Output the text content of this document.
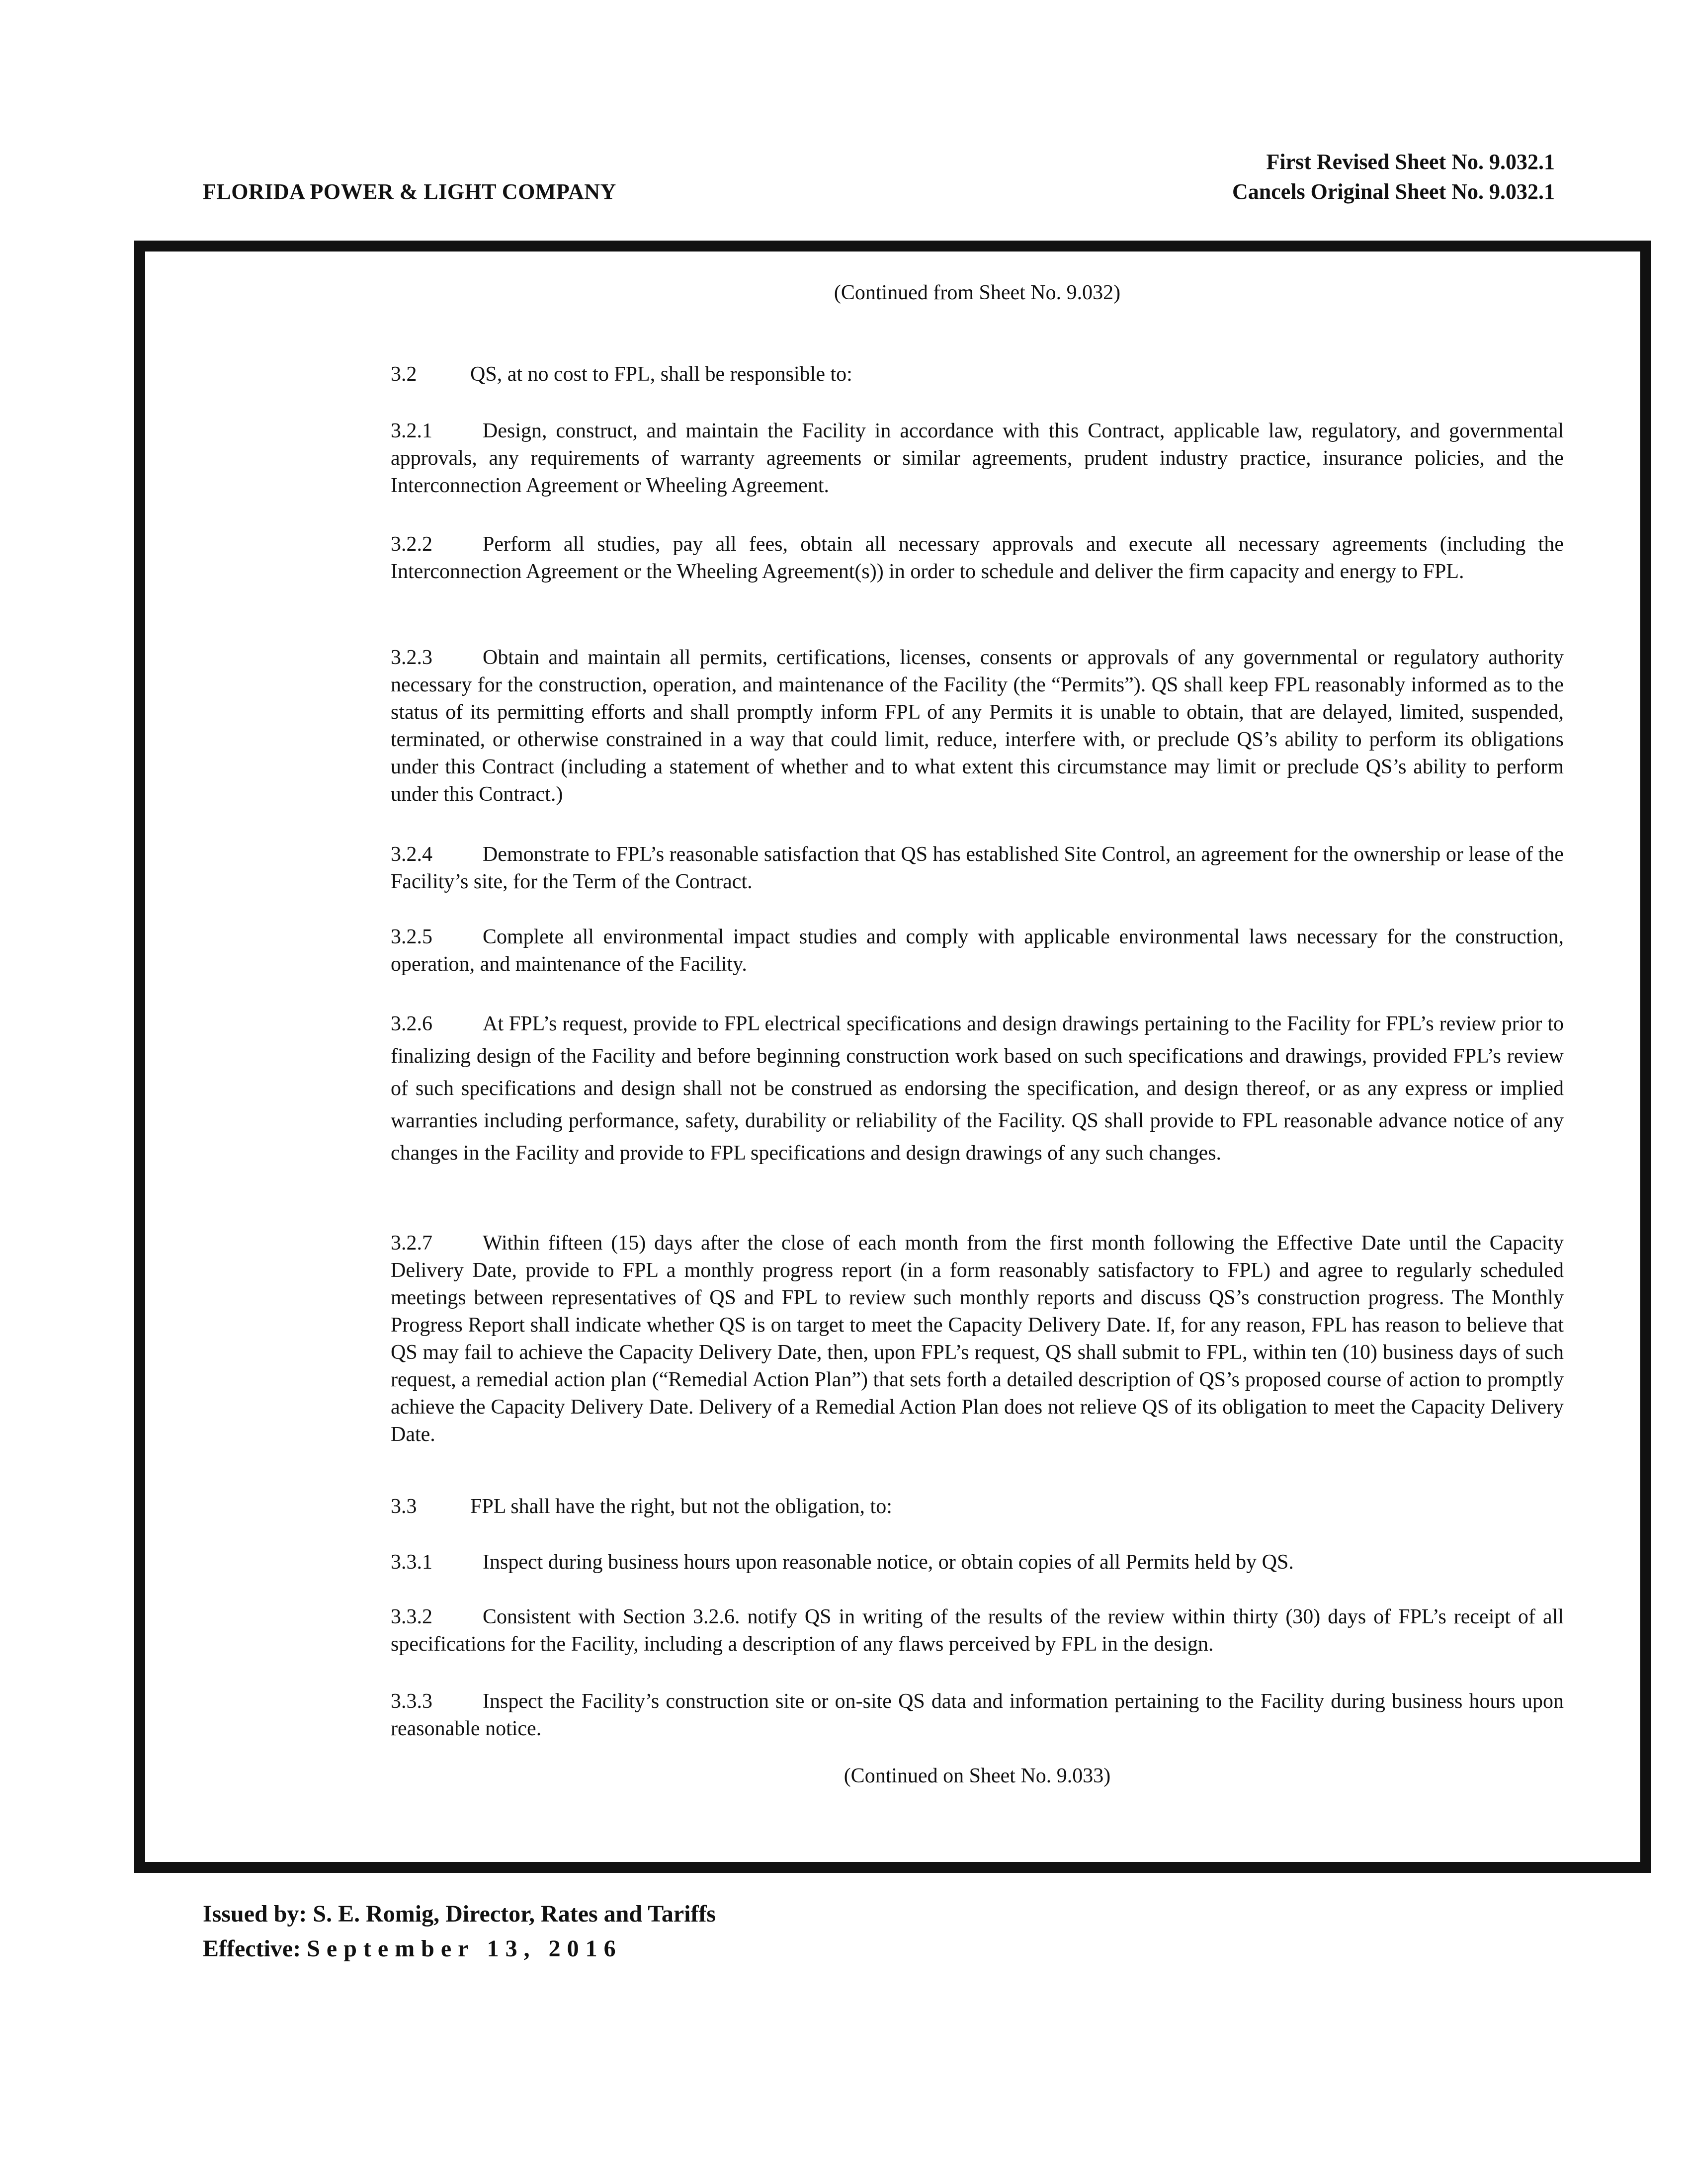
FLORIDA POWER & LIGHT COMPANY
First Revised Sheet No. 9.032.1
Cancels Original Sheet No. 9.032.1
(Continued from Sheet No. 9.032)
3.2	QS, at no cost to FPL, shall be responsible to:
3.2.1 Design, construct, and maintain the Facility in accordance with this Contract, applicable law, regulatory, and governmental approvals, any requirements of warranty agreements or similar agreements, prudent industry practice, insurance policies, and the Interconnection Agreement or Wheeling Agreement.
3.2.2 Perform all studies, pay all fees, obtain all necessary approvals and execute all necessary agreements (including the Interconnection Agreement or the Wheeling Agreement(s)) in order to schedule and deliver the firm capacity and energy to FPL.
3.2.3 Obtain and maintain all permits, certifications, licenses, consents or approvals of any governmental or regulatory authority necessary for the construction, operation, and maintenance of the Facility (the “Permits”). QS shall keep FPL reasonably informed as to the status of its permitting efforts and shall promptly inform FPL of any Permits it is unable to obtain, that are delayed, limited, suspended, terminated, or otherwise constrained in a way that could limit, reduce, interfere with, or preclude QS’s ability to perform its obligations under this Contract (including a statement of whether and to what extent this circumstance may limit or preclude QS’s ability to perform under this Contract.)
3.2.4 Demonstrate to FPL’s reasonable satisfaction that QS has established Site Control, an agreement for the ownership or lease of the Facility’s site, for the Term of the Contract.
3.2.5 Complete all environmental impact studies and comply with applicable environmental laws necessary for the construction, operation, and maintenance of the Facility.
3.2.6 At FPL’s request, provide to FPL electrical specifications and design drawings pertaining to the Facility for FPL’s review prior to finalizing design of the Facility and before beginning construction work based on such specifications and drawings, provided FPL’s review of such specifications and design shall not be construed as endorsing the specification, and design thereof, or as any express or implied warranties including performance, safety, durability or reliability of the Facility. QS shall provide to FPL reasonable advance notice of any changes in the Facility and provide to FPL specifications and design drawings of any such changes.
3.2.7 Within fifteen (15) days after the close of each month from the first month following the Effective Date until the Capacity Delivery Date, provide to FPL a monthly progress report (in a form reasonably satisfactory to FPL) and agree to regularly scheduled meetings between representatives of QS and FPL to review such monthly reports and discuss QS’s construction progress. The Monthly Progress Report shall indicate whether QS is on target to meet the Capacity Delivery Date. If, for any reason, FPL has reason to believe that QS may fail to achieve the Capacity Delivery Date, then, upon FPL’s request, QS shall submit to FPL, within ten (10) business days of such request, a remedial action plan (“Remedial Action Plan”) that sets forth a detailed description of QS’s proposed course of action to promptly achieve the Capacity Delivery Date. Delivery of a Remedial Action Plan does not relieve QS of its obligation to meet the Capacity Delivery Date.
3.3	FPL shall have the right, but not the obligation, to:
3.3.1 Inspect during business hours upon reasonable notice, or obtain copies of all Permits held by QS.
3.3.2 Consistent with Section 3.2.6. notify QS in writing of the results of the review within thirty (30) days of FPL’s receipt of all specifications for the Facility, including a description of any flaws perceived by FPL in the design.
3.3.3 Inspect the Facility’s construction site or on-site QS data and information pertaining to the Facility during business hours upon reasonable notice.
(Continued on Sheet No. 9.033)
Issued by: S. E. Romig, Director, Rates and Tariffs
Effective: September 13, 2016
